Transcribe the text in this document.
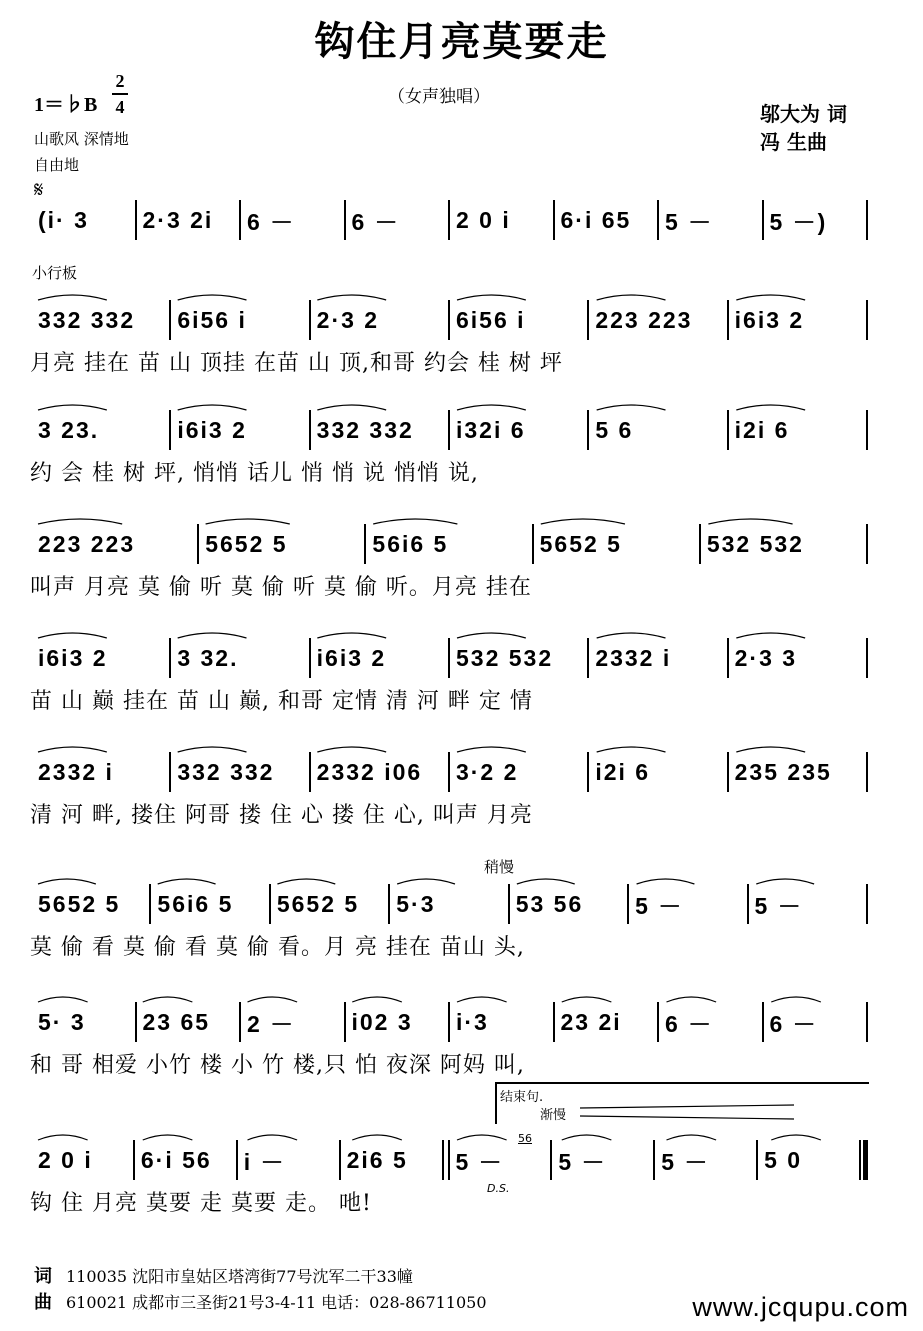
钩住月亮莫要走
（女声独唱）
1＝♭B
2
4
山歌风 深情地
自由地
𝄋
邬大为 词
冯 生曲
小行板
稍慢
结束句.
渐慢
56
D.S.
(i· 3	2·3 2i	6 －	6 －	2 0 i	6·i 65	5 －	5 －)
332 332	6i56 i	2·3 2	6i56 i	223 223	i6i3 2
月亮 挂在 苗 山 顶挂 在苗 山 顶,和哥 约会 桂 树 坪
3 23.	i6i3 2	332 332	i32i 6	5 6	i2i 6
约 会 桂 树 坪, 悄悄 话儿 悄 悄 说 悄悄 说,
223 223	5652 5	56i6 5	5652 5	532 532
叫声 月亮 莫 偷 听 莫 偷 听 莫 偷 听。月亮 挂在
i6i3 2	3 32.	i6i3 2	532 532	2332 i	2·3 3
苗 山 巅 挂在 苗 山 巅, 和哥 定情 清 河 畔 定 情
2332 i	332 332	2332 i06	3·2 2	i2i 6	235 235
清 河 畔, 搂住 阿哥 搂 住 心 搂 住 心, 叫声 月亮
5652 5	56i6 5	5652 5	5·3	53 56	5 －	5 －
莫 偷 看 莫 偷 看 莫 偷 看。月 亮 挂在 苗山 头,
5· 3	23 65	2 －	i02 3	i·3	23 2i	6 －	6 －
和 哥 相爱 小竹 楼 小 竹 楼,只 怕 夜深 阿妈 叫,
2 0 i	6·i 56	i －	2i6 5	5 －	5 －	5 －	5 0
钩 住 月亮 莫要 走 莫要 走。 吔!
词 110035 沈阳市皇姑区塔湾街77号沈军二干33幢
曲 610021 成都市三圣街21号3-4-11 电话：028-86711050	www.jcqupu.com
